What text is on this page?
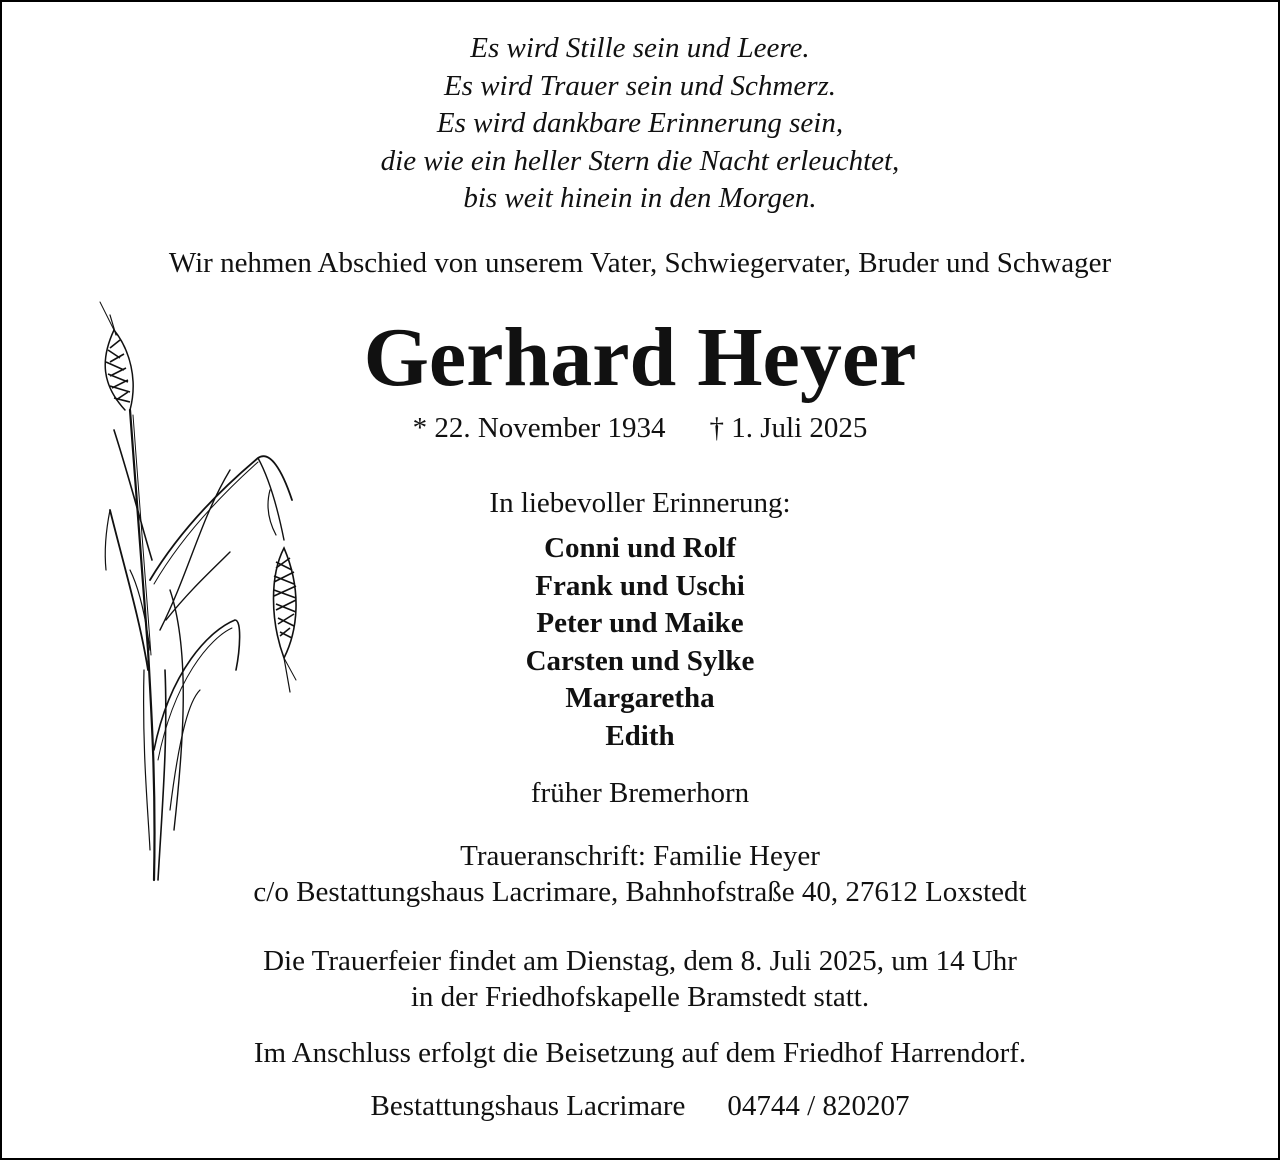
Es wird Stille sein und Leere.
Es wird Trauer sein und Schmerz.
Es wird dankbare Erinnerung sein,
die wie ein heller Stern die Nacht erleuchtet,
bis weit hinein in den Morgen.
Wir nehmen Abschied von unserem Vater, Schwiegervater, Bruder und Schwager
Gerhard Heyer
* 22. November 1934 † 1. Juli 2025
In liebevoller Erinnerung:
Conni und Rolf
Frank und Uschi
Peter und Maike
Carsten und Sylke
Margaretha
Edith
früher Bremerhorn
Traueranschrift: Familie Heyer
c/o Bestattungshaus Lacrimare, Bahnhofstraße 40, 27612 Loxstedt
Die Trauerfeier findet am Dienstag, dem 8. Juli 2025, um 14 Uhr
in der Friedhofskapelle Bramstedt statt.
Im Anschluss erfolgt die Beisetzung auf dem Friedhof Harrendorf.
Bestattungshaus Lacrimare 04744 / 820207
